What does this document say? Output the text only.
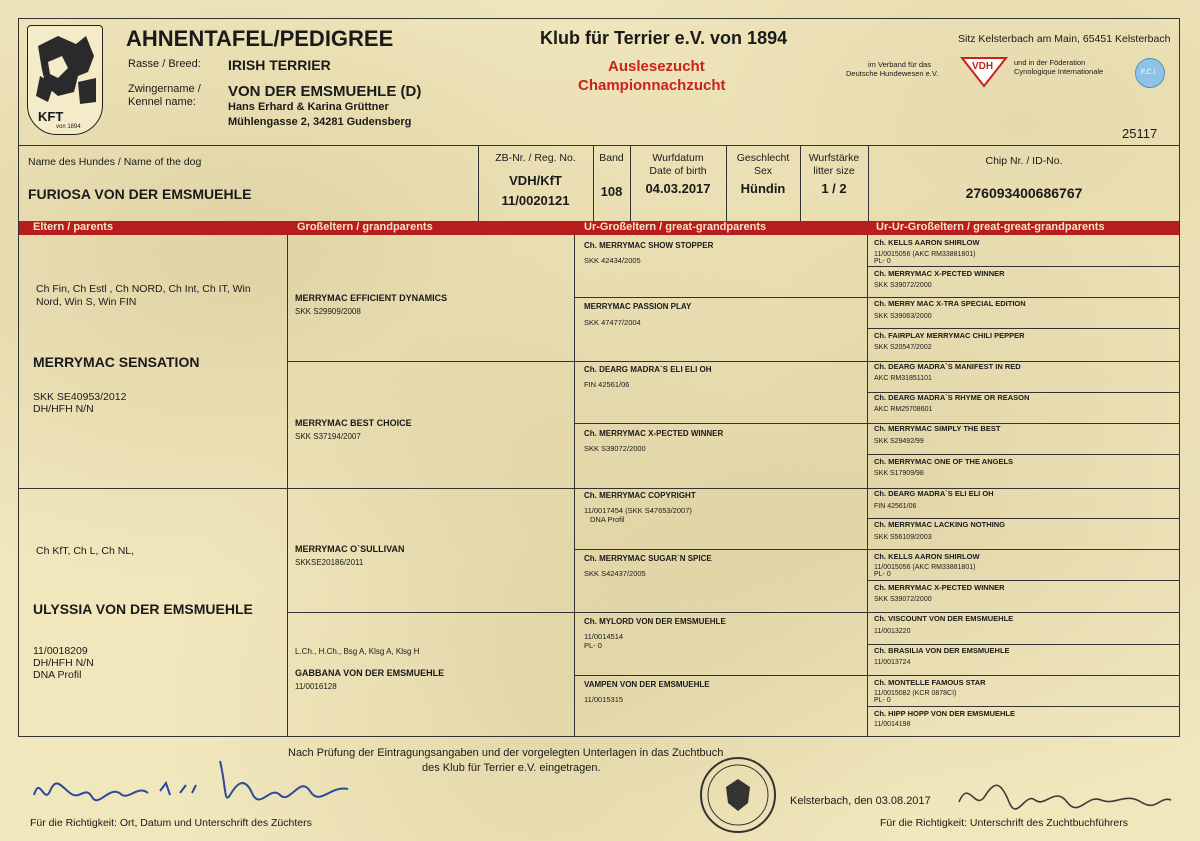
KFT
von 1894
AHNENTAFEL/PEDIGREE
Rasse / Breed: IRISH TERRIER
Zwingername /
Kennel name:
VON DER EMSMUEHLE (D)
Hans Erhard & Karina Grüttner
Mühlengasse 2, 34281 Gudensberg
Klub für Terrier e.V. von 1894
Auslesezucht
Championnachzucht
Sitz Kelsterbach am Main, 65451 Kelsterbach
im Verband für das
Deutsche Hundewesen e.V.
VDH	und in der Föderation
Cynologique Internationale	F.C.I
25117
Name des Hundes / Name of the dog
FURIOSA VON DER EMSMUEHLE
ZB-Nr. / Reg. No.
VDH/KfT
11/0020121
Band
108
Wurfdatum
Date of birth
04.03.2017
Geschlecht
Sex
Hündin
Wurfstärke
litter size
1 / 2
Chip Nr. / ID-No.
276093400686767
Eltern / parents	Großeltern / grandparents	Ur-Großeltern / great-grandparents	Ur-Ur-Großeltern / great-great-grandparents
Ch Fin, Ch Estl , Ch NORD, Ch Int, Ch IT, Win
Nord, Win S, Win FIN
MERRYMAC SENSATION
SKK SE40953/2012
DH/HFH N/N
Ch KfT, Ch L, Ch NL,
ULYSSIA VON DER EMSMUEHLE
11/0018209
DH/HFH N/N
DNA Profil
MERRYMAC EFFICIENT DYNAMICS
SKK S29909/2008
MERRYMAC BEST CHOICE
SKK S37194/2007
MERRYMAC O`SULLIVAN
SKKSE20186/2011
L.Ch., H.Ch., Bsg A, Klsg A, Klsg H
GABBANA VON DER EMSMUEHLE
11/0016128
Ch. MERRYMAC SHOW STOPPER
SKK 42434/2005
MERRYMAC PASSION PLAY
SKK 47477/2004
Ch. DEARG MADRA`S ELI ELI OH
FIN 42561/06
Ch. MERRYMAC X-PECTED WINNER
SKK S39072/2000
Ch. MERRYMAC COPYRIGHT
11/0017454 (SKK S47653/2007)
DNA Profil
Ch. MERRYMAC SUGAR`N SPICE
SKK S42437/2005
Ch. MYLORD VON DER EMSMUEHLE
11/0014514
PL- 0
VAMPEN VON DER EMSMUEHLE
11/0015315
Ch. KELLS AARON SHIRLOW
11/0015056 (AKC RM33881801)
PL- 0
Ch. MERRYMAC X-PECTED WINNER
SKK S39072/2000
Ch. MERRY MAC X-TRA SPECIAL EDITION
SKK S39063/2000
Ch. FAIRPLAY MERRYMAC CHILI PEPPER
SKK S20547/2002
Ch. DEARG MADRA`S MANIFEST IN RED
AKC RM31851101
Ch. DEARG MADRA`S RHYME OR REASON
AKC RM25708601
Ch. MERRYMAC SIMPLY THE BEST
SKK S29492/99
Ch. MERRYMAC ONE OF THE ANGELS
SKK S17909/98
Ch. DEARG MADRA`S ELI ELI OH
FIN 42561/06
Ch. MERRYMAC LACKING NOTHING
SKK S56109/2003
Ch. KELLS AARON SHIRLOW
11/0015056 (AKC RM33881801)
PL- 0
Ch. MERRYMAC X-PECTED WINNER
SKK S39072/2000
Ch. VISCOUNT VON DER EMSMUEHLE
11/0013220
Ch. BRASILIA VON DER EMSMUEHLE
11/0013724
Ch. MONTELLE FAMOUS STAR
11/0015082 (KCR 0878CI)
PL- 0
Ch. HIPP HOPP VON DER EMSMUEHLE
11/0014198
Nach Prüfung der Eintragungsangaben und der vorgelegten Unterlagen in das Zuchtbuch
des Klub für Terrier e.V. eingetragen.
Für die Richtigkeit: Ort, Datum und Unterschrift des Züchters
Kelsterbach, den 03.08.2017
Für die Richtigkeit: Unterschrift des Zuchtbuchführers
